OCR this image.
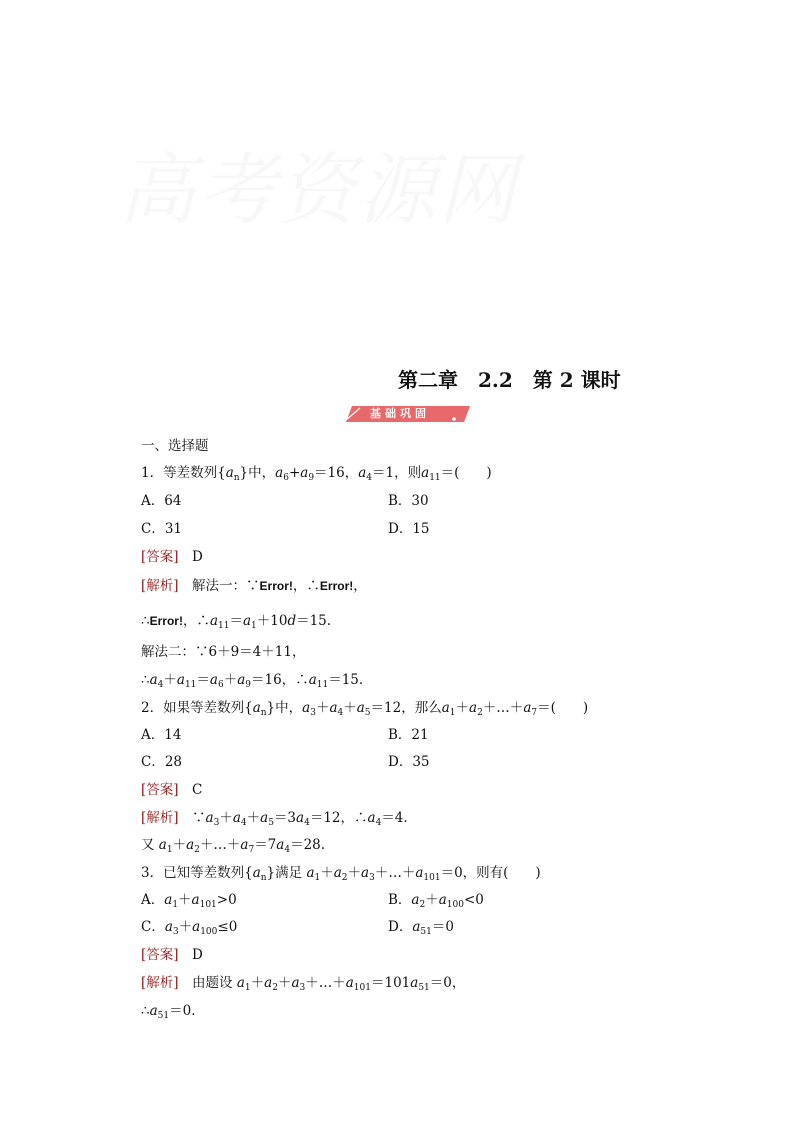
高考资源网
第二章　2.2　第 2 课时
基础巩固
一、选择题
1．等差数列$\{a_n\}$中，$a_6+a_9=16$，$a_4=1$，则$a_{11}=$(　　)
A．64	B．30
C．31	D．15
[答案]　 D
[解析]　 解法一：∵Error!，∴Error!，
∴Error!，$\therefore a_{11}=a_1+10d=15$.
解法二：∵6＋9＝4＋11，
$\therefore a_4+a_{11}=a_6+a_9=16$，$\therefore a_{11}=15$.
2．如果等差数列$\{a_n\}$中，$a_3+a_4+a_5=12$，那么$a_1+a_2+\dots+a_7=$(　　)
A．14	B．21
C．28	D．35
[答案]　 C
[解析]　 $\because a_3+a_4+a_5=3a_4=12$，$\therefore a_4=4$.
又 $a_1+a_2+\dots+a_7=7a_4=28$.
3．已知等差数列$\{a_n\}$满足 $a_1+a_2+a_3+\dots+a_{101}=0$，则有(　　)
A．$a_1+a_{101}>0$	B．$a_2+a_{100}<0$
C．$a_3+a_{100}\le 0$	D．$a_{51}=0$
[答案]　 D
[解析]　 由题设 $a_1+a_2+a_3+\dots+a_{101}=101a_{51}=0$，
$\therefore a_{51}=0$.
